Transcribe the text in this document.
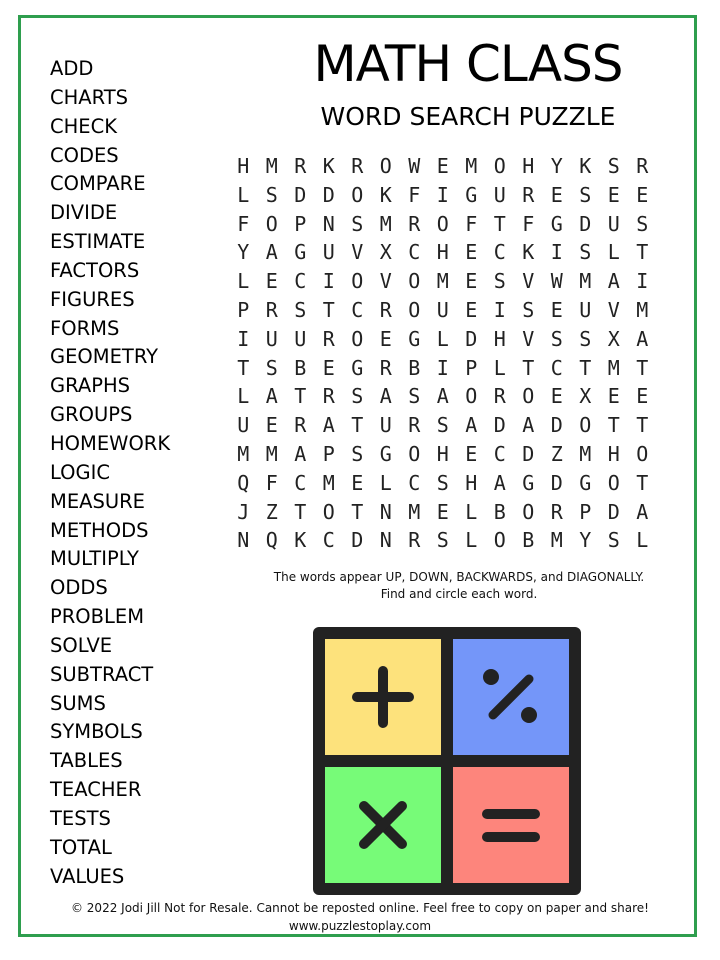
MATH CLASS
WORD SEARCH PUZZLE
ADD
CHARTS
CHECK
CODES
COMPARE
DIVIDE
ESTIMATE
FACTORS
FIGURES
FORMS
GEOMETRY
GRAPHS
GROUPS
HOMEWORK
LOGIC
MEASURE
METHODS
MULTIPLY
ODDS
PROBLEM
SOLVE
SUBTRACT
SUMS
SYMBOLS
TABLES
TEACHER
TESTS
TOTAL
VALUES
H M R K R O W E M O H Y K S R
L S D D O K F I G U R E S E E
F O P N S M R O F T F G D U S
Y A G U V X C H E C K I S L T
L E C I O V O M E S V W M A I
P R S T C R O U E I S E U V M
I U U R O E G L D H V S S X A
T S B E G R B I P L T C T M T
L A T R S A S A O R O E X E E
U E R A T U R S A D A D O T T
M M A P S G O H E C D Z M H O
Q F C M E L C S H A G D G O T
J Z T O T N M E L B O R P D A
N Q K C D N R S L O B M Y S L
The words appear UP, DOWN, BACKWARDS, and DIAGONALLY.
Find and circle each word.
© 2022 Jodi Jill Not for Resale. Cannot be reposted online. Feel free to copy on paper and share!
www.puzzlestoplay.com
